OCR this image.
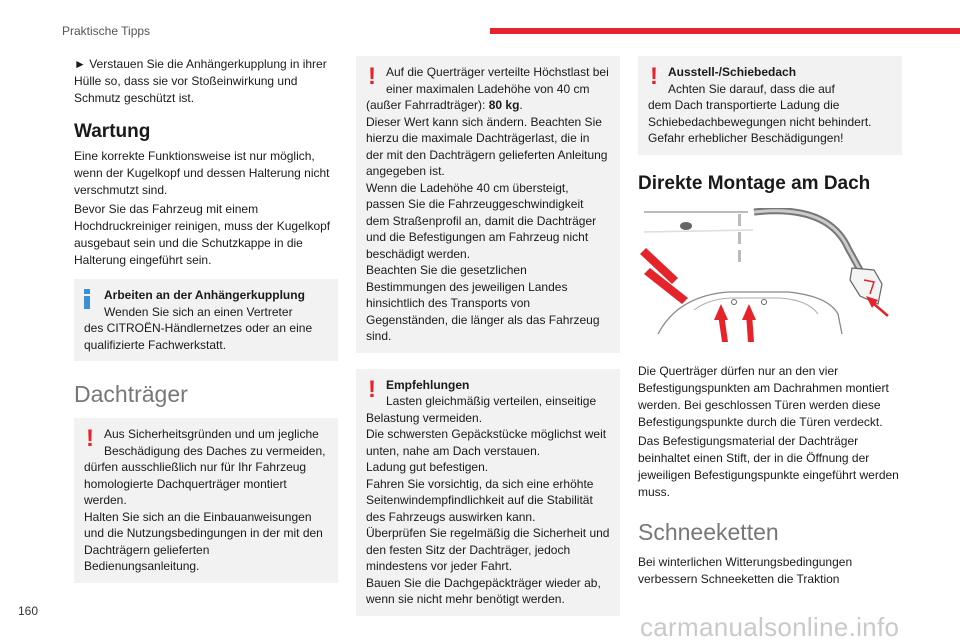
Praktische Tipps

► Verstauen Sie die Anhängerkupplung in ihrer Hülle so, dass sie vor Stoßeinwirkung und Schmutz geschützt ist.

Wartung

Eine korrekte Funktionsweise ist nur möglich, wenn der Kugelkopf und dessen Halterung nicht verschmutzt sind.

Bevor Sie das Fahrzeug mit einem Hochdruckreiniger reinigen, muss der Kugelkopf ausgebaut sein und die Schutzkappe in die Halterung eingeführt sein.

Arbeiten an der Anhängerkupplung
Wenden Sie sich an einen Vertreter
des CITROËN-Händlernetzes oder an eine qualifizierte Fachwerkstatt.
Dachträger
! Aus Sicherheitsgründen und um jegliche Beschädigung des Daches zu vermeiden,
dürfen ausschließlich nur für Ihr Fahrzeug homologierte Dachquerträger montiert werden.
Halten Sie sich an die Einbauanweisungen und die Nutzungsbedingungen in der mit den Dachträgern gelieferten Bedienungsanleitung.
! Auf die Querträger verteilte Höchstlast bei einer maximalen Ladehöhe von 40 cm
(außer Fahrradträger): 80 kg.
Dieser Wert kann sich ändern. Beachten Sie hierzu die maximale Dachträgerlast, die in der mit den Dachträgern gelieferten Anleitung angegeben ist.
Wenn die Ladehöhe 40 cm übersteigt, passen Sie die Fahrzeuggeschwindigkeit dem Straßenprofil an, damit die Dachträger und die Befestigungen am Fahrzeug nicht beschädigt werden.
Beachten Sie die gesetzlichen Bestimmungen des jeweiligen Landes hinsichtlich des Transports von Gegenständen, die länger als das Fahrzeug sind.
! Empfehlungen
Lasten gleichmäßig verteilen, einseitige
Belastung vermeiden.
Die schwersten Gepäckstücke möglichst weit unten, nahe am Dach verstauen.
Ladung gut befestigen.
Fahren Sie vorsichtig, da sich eine erhöhte Seitenwindempfindlichkeit auf die Stabilität des Fahrzeugs auswirken kann.
Überprüfen Sie regelmäßig die Sicherheit und den festen Sitz der Dachträger, jedoch mindestens vor jeder Fahrt.
Bauen Sie die Dachgepäckträger wieder ab, wenn sie nicht mehr benötigt werden.
! Ausstell-/Schiebedach
Achten Sie darauf, dass die auf
dem Dach transportierte Ladung die Schiebedachbewegungen nicht behindert. Gefahr erheblicher Beschädigungen!
Direkte Montage am Dach

Die Querträger dürfen nur an den vier Befestigungspunkten am Dachrahmen montiert werden. Bei geschlossen Türen werden diese Befestigungspunkte durch die Türen verdeckt.

Das Befestigungsmaterial der Dachträger beinhaltet einen Stift, der in die Öffnung der jeweiligen Befestigungspunkte eingeführt werden muss.

Schneeketten

Bei winterlichen Witterungsbedingungen verbessern Schneeketten die Traktion

160
carmanualsonline.info
